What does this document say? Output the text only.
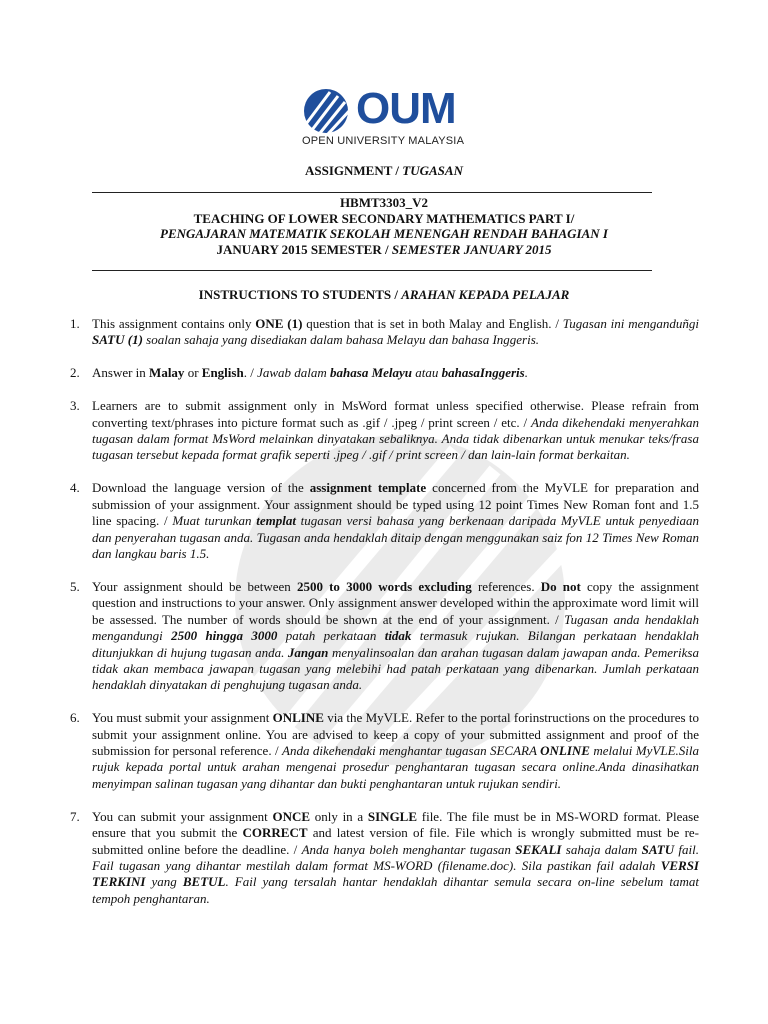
OUM
OPEN UNIVERSITY MALAYSIA
ASSIGNMENT / TUGASAN
HBMT3303_V2
TEACHING OF LOWER SECONDARY MATHEMATICS PART I/
PENGAJARAN MATEMATIK SEKOLAH MENENGAH RENDAH BAHAGIAN I
JANUARY 2015 SEMESTER / SEMESTER JANUARY 2015
INSTRUCTIONS TO STUDENTS / ARAHAN KEPADA PELAJAR
1. This assignment contains only ONE (1) question that is set in both Malay and English. / Tugasan ini menganduñgi SATU (1) soalan sahaja yang disediakan dalam bahasa Melayu dan bahasa Inggeris.
2. Answer in Malay or English. / Jawab dalam bahasa Melayu atau bahasaInggeris.
3. Learners are to submit assignment only in MsWord format unless specified otherwise. Please refrain from converting text/phrases into picture format such as .gif / .jpeg / print screen / etc. / Anda dikehendaki menyerahkan tugasan dalam format MsWord melainkan dinyatakan sebaliknya. Anda tidak dibenarkan untuk menukar teks/frasa tugasan tersebut kepada format grafik seperti .jpeg / .gif / print screen / dan lain-lain format berkaitan.
4. Download the language version of the assignment template concerned from the MyVLE for preparation and submission of your assignment. Your assignment should be typed using 12 point Times New Roman font and 1.5 line spacing. / Muat turunkan templat tugasan versi bahasa yang berkenaan daripada MyVLE untuk penyediaan dan penyerahan tugasan anda. Tugasan anda hendaklah ditaip dengan menggunakan saiz fon 12 Times New Roman dan langkau baris 1.5.
5. Your assignment should be between 2500 to 3000 words excluding references. Do not copy the assignment question and instructions to your answer. Only assignment answer developed within the approximate word limit will be assessed. The number of words should be shown at the end of your assignment. / Tugasan anda hendaklah mengandungi 2500 hingga 3000 patah perkataan tidak termasuk rujukan. Bilangan perkataan hendaklah ditunjukkan di hujung tugasan anda. Jangan menyalinsoalan dan arahan tugasan dalam jawapan anda. Pemeriksa tidak akan membaca jawapan tugasan yang melebihi had patah perkataan yang dibenarkan. Jumlah perkataan hendaklah dinyatakan di penghujung tugasan anda.
6. You must submit your assignment ONLINE via the MyVLE. Refer to the portal forinstructions on the procedures to submit your assignment online. You are advised to keep a copy of your submitted assignment and proof of the submission for personal reference. / Anda dikehendaki menghantar tugasan SECARA ONLINE melalui MyVLE.Sila rujuk kepada portal untuk arahan mengenai prosedur penghantaran tugasan secara online.Anda dinasihatkan menyimpan salinan tugasan yang dihantar dan bukti penghantaran untuk rujukan sendiri.
7. You can submit your assignment ONCE only in a SINGLE file. The file must be in MS-WORD format. Please ensure that you submit the CORRECT and latest version of file. File which is wrongly submitted must be re-submitted online before the deadline. / Anda hanya boleh menghantar tugasan SEKALI sahaja dalam SATU fail. Fail tugasan yang dihantar mestilah dalam format MS-WORD (filename.doc). Sila pastikan fail adalah VERSI TERKINI yang BETUL. Fail yang tersalah hantar hendaklah dihantar semula secara on-line sebelum tamat tempoh penghantaran.
